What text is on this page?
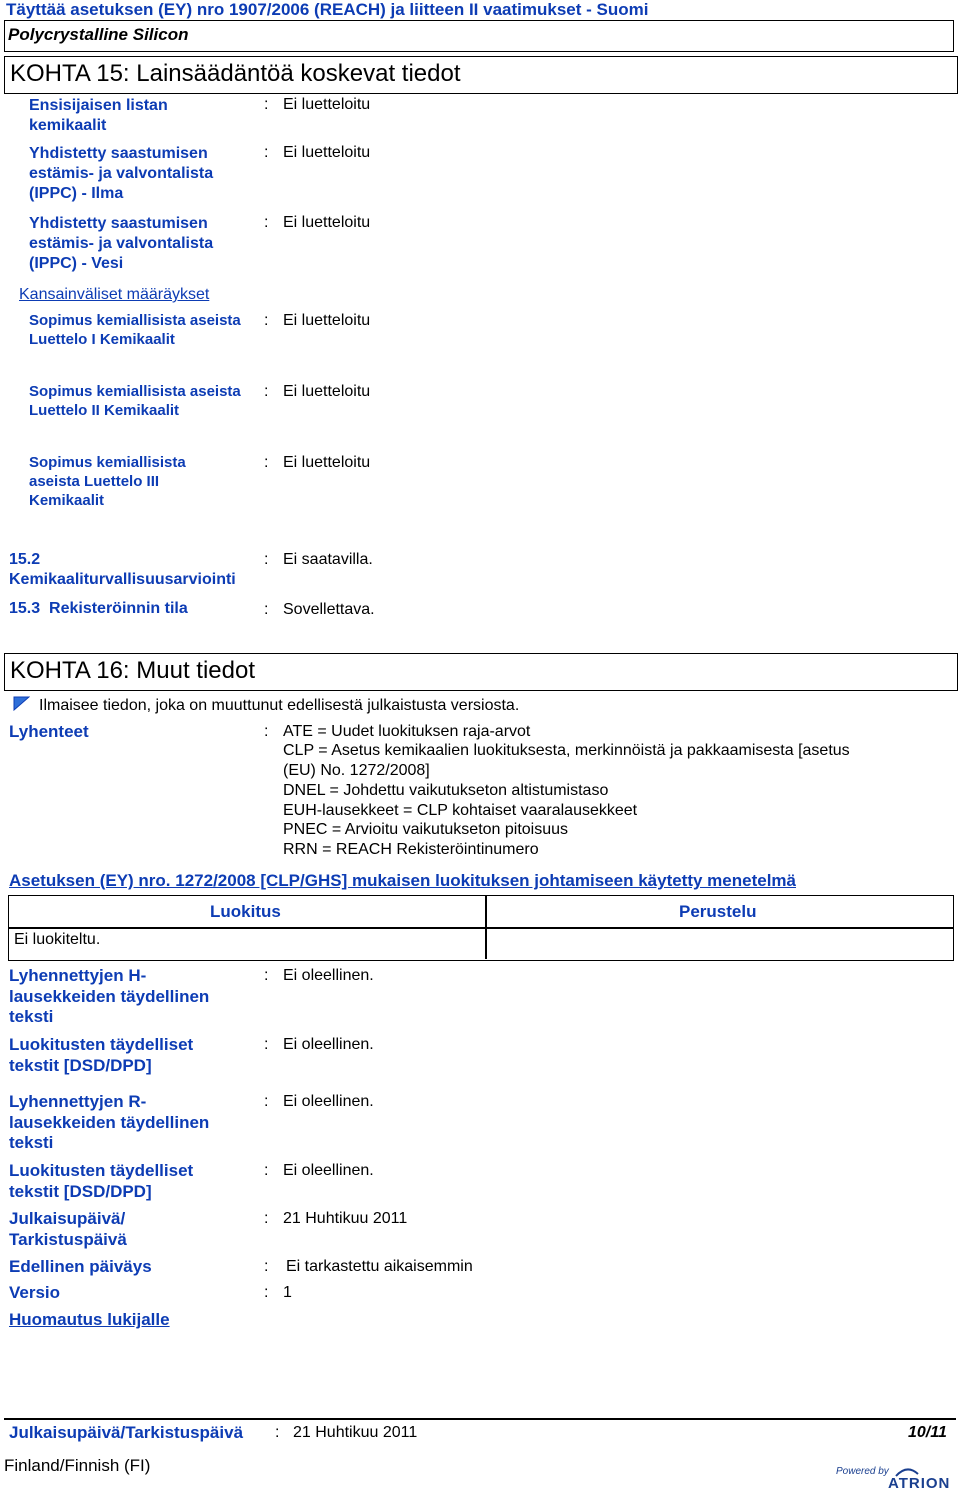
Täyttää asetuksen (EY) nro 1907/2006 (REACH) ja liitteen II vaatimukset - Suomi
Polycrystalline Silicon
KOHTA 15: Lainsäädäntöä koskevat tiedot
Ensisijaisen listan kemikaalit
: Ei luetteloitu
Yhdistetty saastumisen estämis- ja valvontalista (IPPC) - Ilma
: Ei luetteloitu
Yhdistetty saastumisen estämis- ja valvontalista (IPPC) - Vesi
: Ei luetteloitu
Kansainväliset määräykset
Sopimus kemiallisista aseista Luettelo I Kemikaalit
: Ei luetteloitu
Sopimus kemiallisista aseista Luettelo II Kemikaalit
: Ei luetteloitu
Sopimus kemiallisista aseista Luettelo III Kemikaalit
: Ei luetteloitu
15.2 Kemikaaliturvallisuusarviointi
: Ei saatavilla.
15.3  Rekisteröinnin tila	: Sovellettava.
KOHTA 16: Muut tiedot
Ilmaisee tiedon, joka on muuttunut edellisestä julkaistusta versiosta.
Lyhenteet	: ATE = Uudet luokituksen raja-arvot
CLP = Asetus kemikaalien luokituksesta, merkinnöistä ja pakkaamisesta [asetus
(EU) No. 1272/2008]
DNEL = Johdettu vaikutukseton altistumistaso
EUH-lausekkeet = CLP kohtaiset vaaralausekkeet
PNEC = Arvioitu vaikutukseton pitoisuus
RRN = REACH Rekisteröintinumero
Asetuksen (EY) nro. 1272/2008 [CLP/GHS] mukaisen luokituksen johtamiseen käytetty menetelmä
Luokitus	Perustelu
Ei luokiteltu.
Lyhennettyjen H-lausekkeiden täydellinen teksti
: Ei oleellinen.
Luokitusten täydelliset tekstit [DSD/DPD]
: Ei oleellinen.
Lyhennettyjen R-lausekkeiden täydellinen teksti
: Ei oleellinen.
Luokitusten täydelliset tekstit [DSD/DPD]
: Ei oleellinen.
Julkaisupäivä/ Tarkistuspäivä
: 21 Huhtikuu 2011
Edellinen päiväys	: Ei tarkastettu aikaisemmin
Versio	: 1
Huomautus lukijalle
Julkaisupäivä/Tarkistuspäivä : 21 Huhtikuu 2011	10/11
Finland/Finnish (FI)	Powered by
ATRION
